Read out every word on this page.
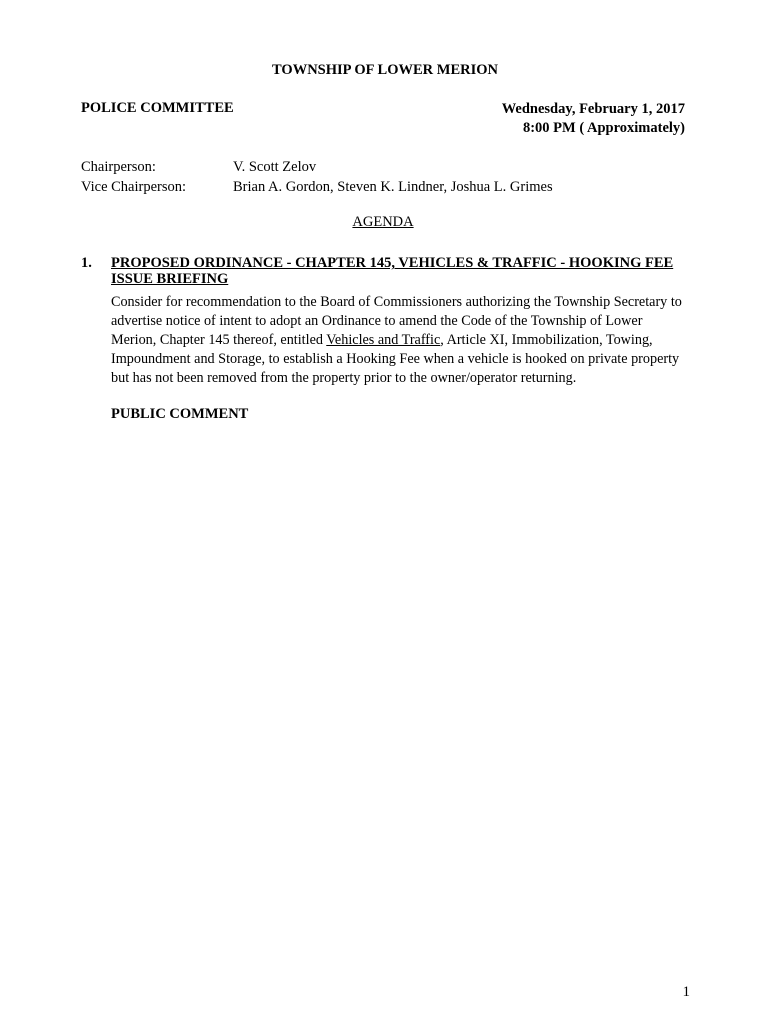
TOWNSHIP OF LOWER MERION
POLICE COMMITTEE	Wednesday, February 1, 2017
8:00 PM ( Approximately)
Chairperson:	V. Scott Zelov
Vice Chairperson:	Brian A. Gordon, Steven K. Lindner, Joshua L. Grimes
AGENDA
1. PROPOSED ORDINANCE - CHAPTER 145, VEHICLES & TRAFFIC - HOOKING FEE ISSUE BRIEFING
Consider for recommendation to the Board of Commissioners authorizing the Township Secretary to advertise notice of intent to adopt an Ordinance to amend the Code of the Township of Lower Merion, Chapter 145 thereof, entitled Vehicles and Traffic, Article XI, Immobilization, Towing, Impoundment and Storage, to establish a Hooking Fee when a vehicle is hooked on private property but has not been removed from the property prior to the owner/operator returning.
PUBLIC COMMENT
1
